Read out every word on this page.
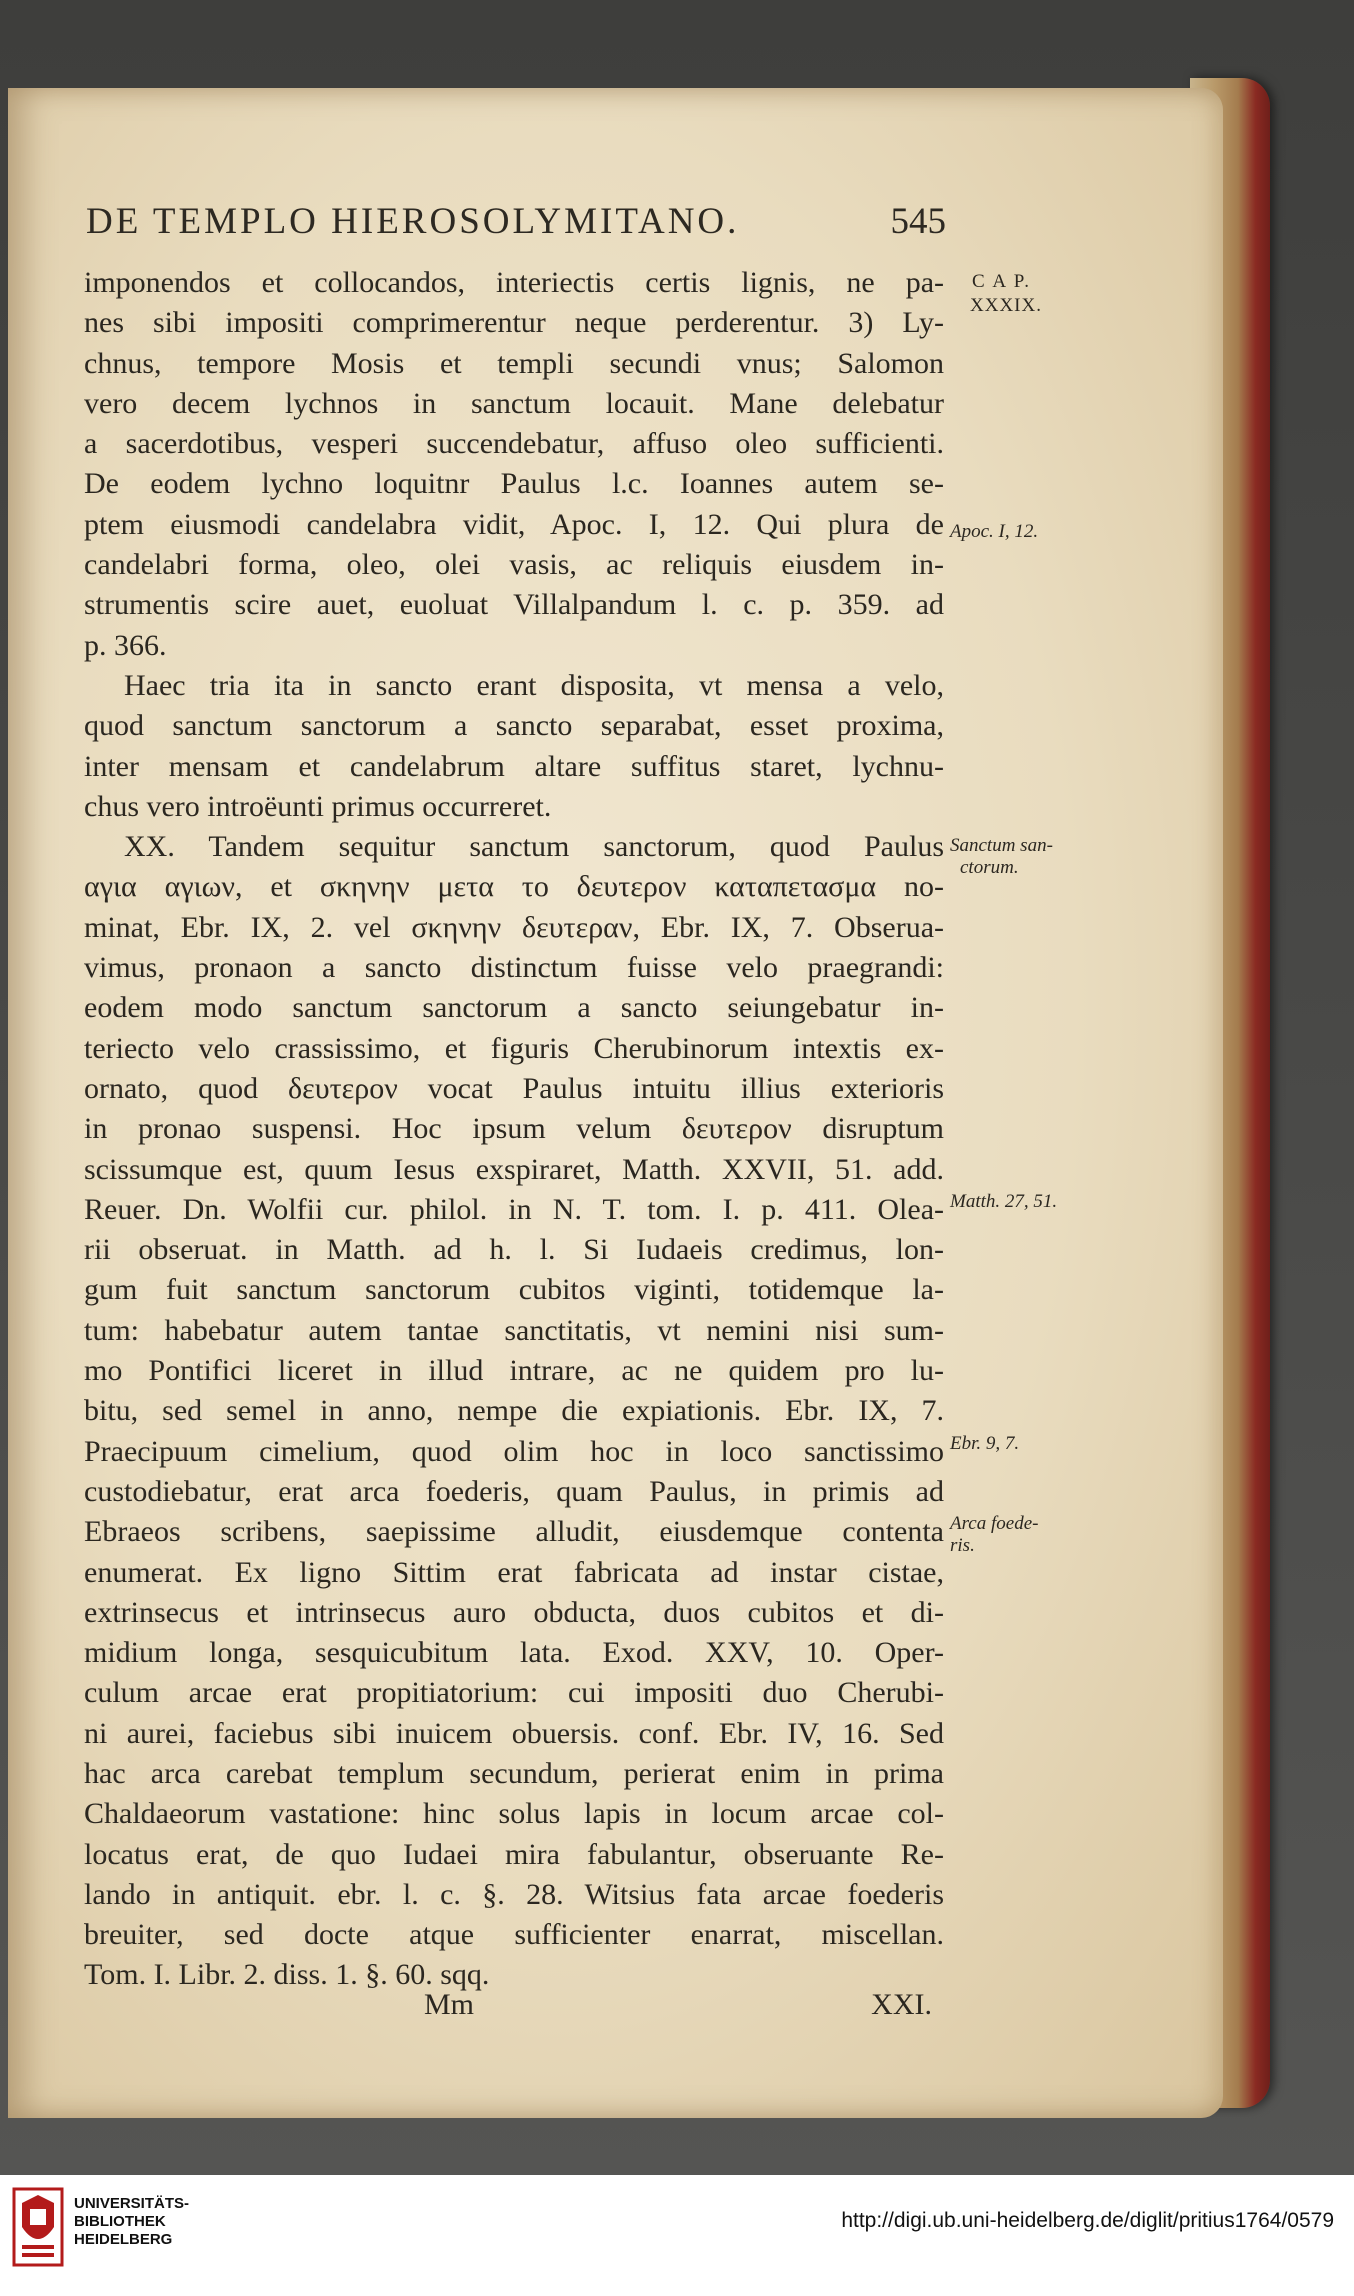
DE TEMPLO HIEROSOLYMITANO.	545
imponendos et collocandos, interiectis certis lignis, ne pa-
nes sibi impositi comprimerentur neque perderentur. 3) Ly-
chnus, tempore Mosis et templi secundi vnus; Salomon
vero decem lychnos in sanctum locauit. Mane delebatur
a sacerdotibus, vesperi succendebatur, affuso oleo sufficienti.
De eodem lychno loquitnr Paulus l.c. Ioannes autem se-
ptem eiusmodi candelabra vidit, Apoc. I, 12. Qui plura de
candelabri forma, oleo, olei vasis, ac reliquis eiusdem in-
strumentis scire auet, euoluat Villalpandum l. c. p. 359. ad
p. 366.
Haec tria ita in sancto erant disposita, vt mensa a velo,
quod sanctum sanctorum a sancto separabat, esset proxima,
inter mensam et candelabrum altare suffitus staret, lychnu-
chus vero introëunti primus occurreret.
XX. Tandem sequitur sanctum sanctorum, quod Paulus
αγια αγιων, et σκηνην μετα το δευτερον καταπετασμα no-
minat, Ebr. IX, 2. vel σκηνην δευτεραν, Ebr. IX, 7. Obserua-
vimus, pronaon a sancto distinctum fuisse velo praegrandi:
eodem modo sanctum sanctorum a sancto seiungebatur in-
teriecto velo crassissimo, et figuris Cherubinorum intextis ex-
ornato, quod δευτερον vocat Paulus intuitu illius exterioris
in pronao suspensi. Hoc ipsum velum δευτερον disruptum
scissumque est, quum Iesus exspiraret, Matth. XXVII, 51. add.
Reuer. Dn. Wolfii cur. philol. in N. T. tom. I. p. 411. Olea-
rii obseruat. in Matth. ad h. l. Si Iudaeis credimus, lon-
gum fuit sanctum sanctorum cubitos viginti, totidemque la-
tum: habebatur autem tantae sanctitatis, vt nemini nisi sum-
mo Pontifici liceret in illud intrare, ac ne quidem pro lu-
bitu, sed semel in anno, nempe die expiationis. Ebr. IX, 7.
Praecipuum cimelium, quod olim hoc in loco sanctissimo
custodiebatur, erat arca foederis, quam Paulus, in primis ad
Ebraeos scribens, saepissime alludit, eiusdemque contenta
enumerat. Ex ligno Sittim erat fabricata ad instar cistae,
extrinsecus et intrinsecus auro obducta, duos cubitos et di-
midium longa, sesquicubitum lata. Exod. XXV, 10. Oper-
culum arcae erat propitiatorium: cui impositi duo Cherubi-
ni aurei, faciebus sibi inuicem obuersis. conf. Ebr. IV, 16. Sed
hac arca carebat templum secundum, perierat enim in prima
Chaldaeorum vastatione: hinc solus lapis in locum arcae col-
locatus erat, de quo Iudaei mira fabulantur, obseruante Re-
lando in antiquit. ebr. l. c. §. 28. Witsius fata arcae foederis
breuiter, sed docte atque sufficienter enarrat, miscellan.
Tom. I. Libr. 2. diss. 1. §. 60. sqq.
C A P.
XXXIX.
Apoc. I, 12.
Sanctum san-
ctorum.
Matth. 27, 51.
Ebr. 9, 7.
Arca foede-
ris.
Mm	XXI.
UNIVERSITÄTS-
BIBLIOTHEK
HEIDELBERG
http://digi.ub.uni-heidelberg.de/diglit/pritius1764/0579
